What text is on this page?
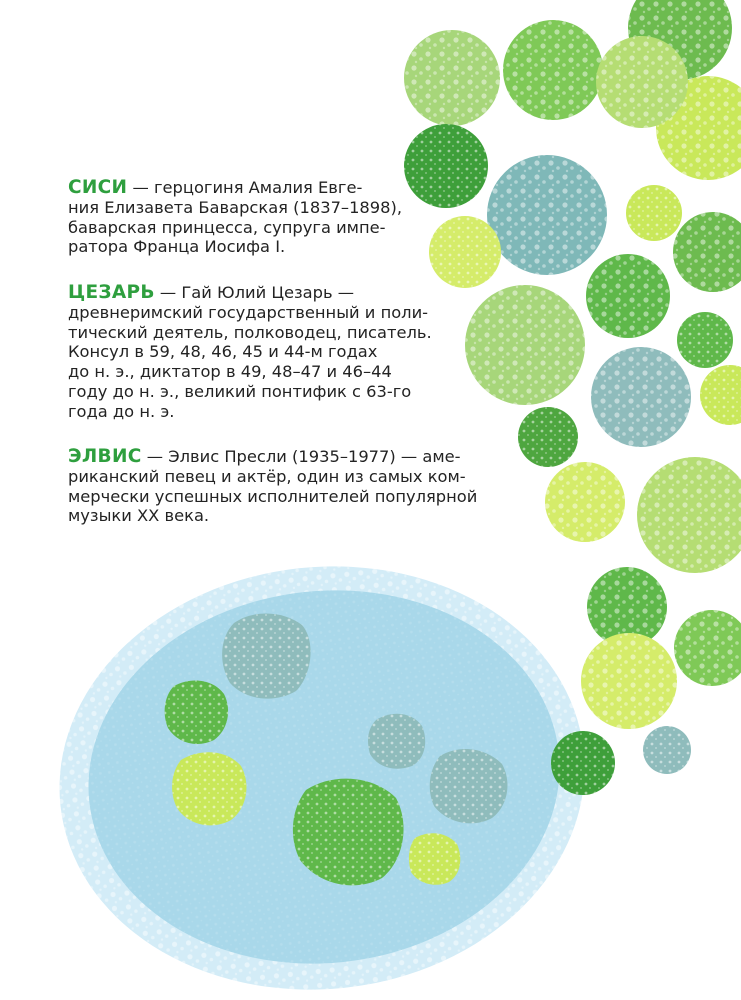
СИСИ — герцогиня Амалия Евге-
ния Елизавета Баварская (1837–1898),
баварская принцесса, супруга импе-
ратора Франца Иосифа I.

ЦЕЗАРЬ — Гай Юлий Цезарь —
древнеримский государственный и поли-
тический деятель, полководец, писатель.
Консул в 59, 48, 46, 45 и 44-м годах
до н. э., диктатор в 49, 48–47 и 46–44
году до н. э., великий понтифик с 63-го
года до н. э.

ЭЛВИС — Элвис Пресли (1935–1977) — аме-
риканский певец и актёр, один из самых ком-
мерчески успешных исполнителей популярной
музыки XX века.
